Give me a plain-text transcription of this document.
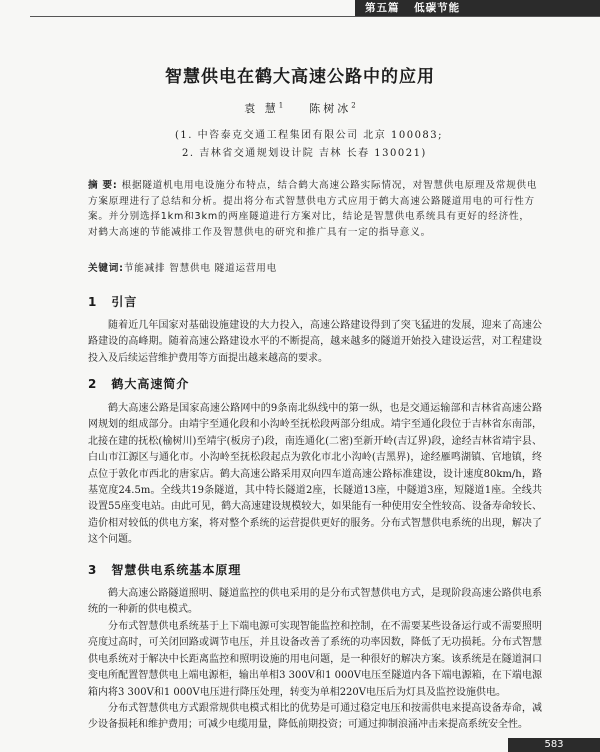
第五篇 低碳节能
智慧供电在鹤大高速公路中的应用
袁 慧$^1$ 陈树冰$^2$
(1. 中咨泰克交通工程集团有限公司 北京 100083;
2. 吉林省交通规划设计院 吉林 长春 130021)
摘 要: 根据隧道机电用电设施分布特点，结合鹤大高速公路实际情况，对智慧供电原理及常规供电方案原理进行了总结和分析。提出将分布式智慧供电方式应用于鹤大高速公路隧道用电的可行性方案。并分别选择1km和3km的两座隧道进行方案对比，结论是智慧供电系统具有更好的经济性，对鹤大高速的节能减排工作及智慧供电的研究和推广具有一定的指导意义。
关键词:节能减排 智慧供电 隧道运营用电
1 引言
随着近几年国家对基础设施建设的大力投入，高速公路建设得到了突飞猛进的发展，迎来了高速公路建设的高峰期。随着高速公路建设水平的不断提高，越来越多的隧道开始投入建设运营，对工程建设投入及后续运营维护费用等方面提出越来越高的要求。
2 鹤大高速简介
鹤大高速公路是国家高速公路网中的9条南北纵线中的第一纵，也是交通运输部和吉林省高速公路网规划的组成部分。由靖宇至通化段和小沟岭至抚松段两部分组成。靖宇至通化段位于吉林省东南部，北接在建的抚松(榆树川)至靖宇(板房子)段，南连通化(二密)至新开岭(吉辽界)段，途经吉林省靖宇县、白山市江源区与通化市。小沟岭至抚松段起点为敦化市北小沟岭(吉黑界)，途经雁鸣湖镇、官地镇，终点位于敦化市西北的唐家店。鹤大高速公路采用双向四车道高速公路标准建设，设计速度80km/h，路基宽度24.5m。全线共19条隧道，其中特长隧道2座，长隧道13座，中隧道3座，短隧道1座。全线共设置55座变电站。由此可见，鹤大高速建设规模较大，如果能有一种使用安全性较高、设备寿命较长、造价相对较低的供电方案，将对整个系统的运营提供更好的服务。分布式智慧供电系统的出现，解决了这个问题。
3 智慧供电系统基本原理
鹤大高速公路隧道照明、隧道监控的供电采用的是分布式智慧供电方式，是现阶段高速公路供电系统的一种新的供电模式。
分布式智慧供电系统基于上下端电源可实现智能监控和控制，在不需要某些设备运行或不需要照明亮度过高时，可关闭回路或调节电压，并且设备改善了系统的功率因数，降低了无功损耗。分布式智慧供电系统对于解决中长距离监控和照明设施的用电问题，是一种很好的解决方案。该系统是在隧道洞口变电所配置智慧供电上端电源柜，输出单相3 300V和1 000V电压至隧道内各下端电源箱，在下端电源箱内将3 300V和1 000V电压进行降压处理，转变为单相220V电压后为灯具及监控设施供电。
分布式智慧供电方式跟常规供电模式相比的优势是可通过稳定电压和按需供电来提高设备寿命，减少设备损耗和维护费用；可减少电缆用量，降低前期投资；可通过抑制浪涌冲击来提高系统安全性。
583
